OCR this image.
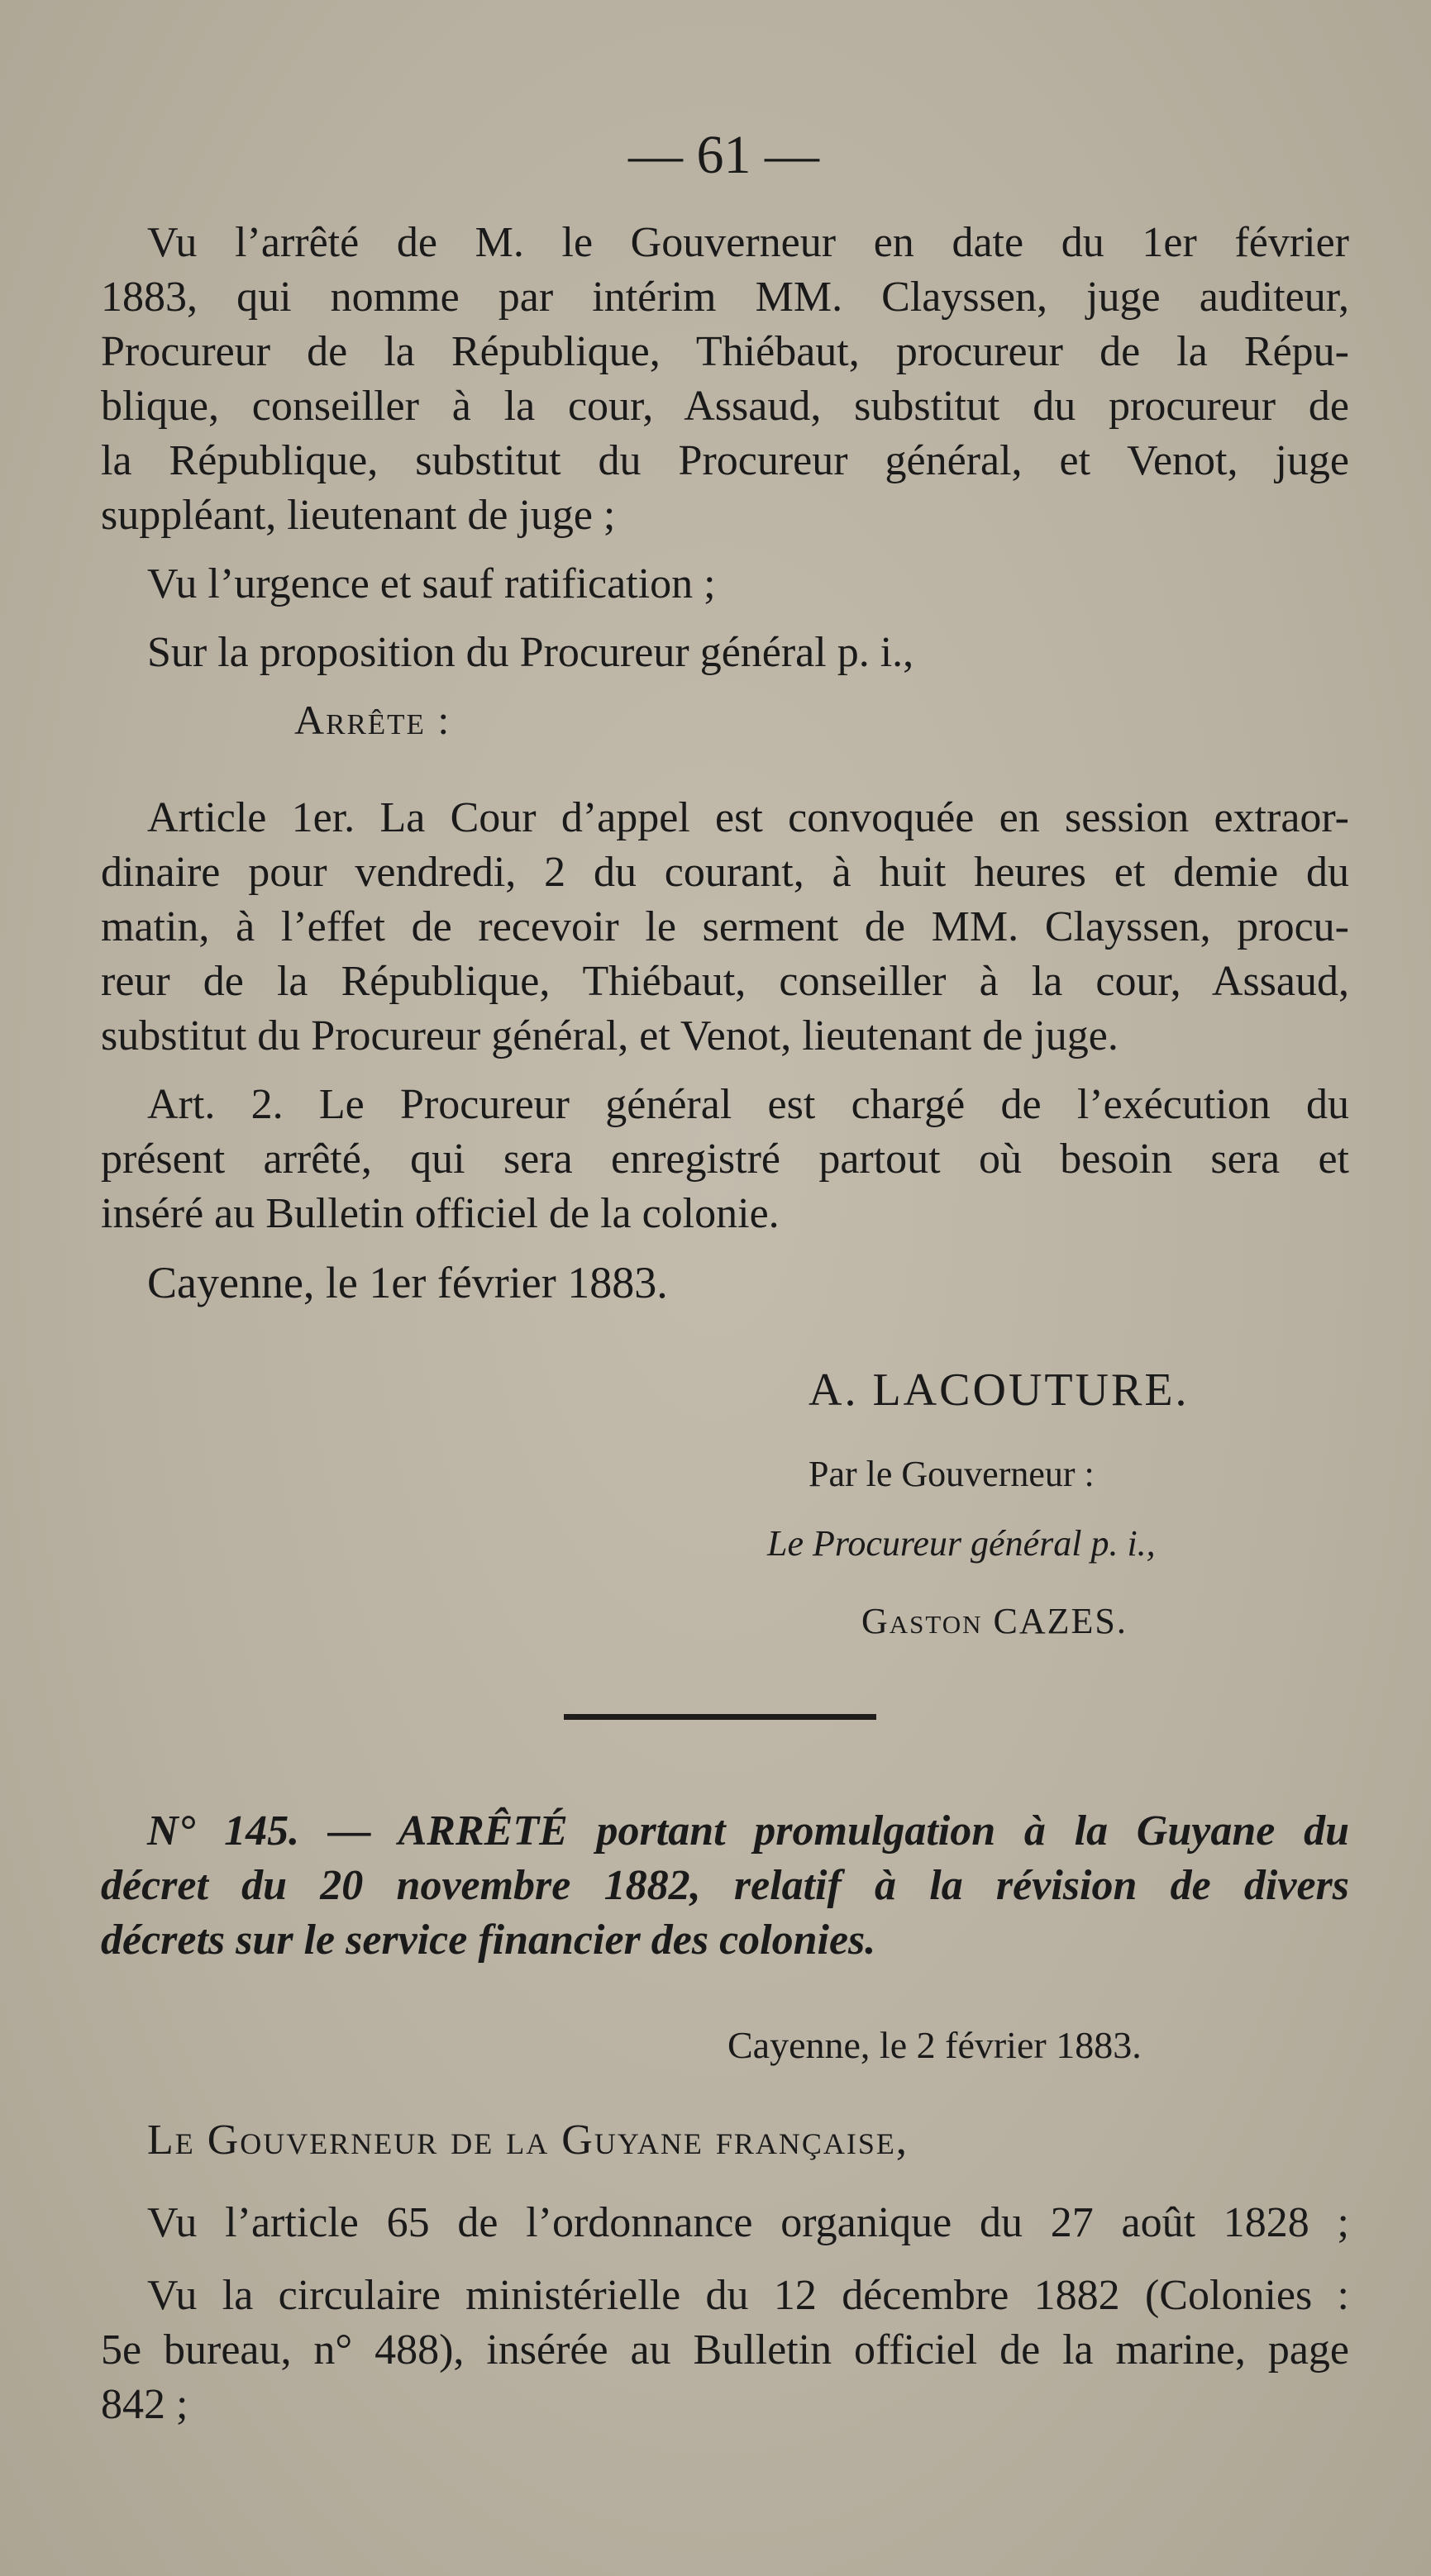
— 61 —
Vu l’arrêté de M. le Gouverneur en date du 1er février
1883, qui nomme par intérim MM. Clayssen, juge auditeur,
Procureur de la République, Thiébaut, procureur de la Répu-
blique, conseiller à la cour, Assaud, substitut du procureur de
la République, substitut du Procureur général, et Venot, juge
suppléant, lieutenant de juge ;
Vu l’urgence et sauf ratification ;
Sur la proposition du Procureur général p. i.,
Arrête :
Article 1er. La Cour d’appel est convoquée en session extraor-
dinaire pour vendredi, 2 du courant, à huit heures et demie du
matin, à l’effet de recevoir le serment de MM. Clayssen, procu-
reur de la République, Thiébaut, conseiller à la cour, Assaud,
substitut du Procureur général, et Venot, lieutenant de juge.
Art. 2. Le Procureur général est chargé de l’exécution du
présent arrêté, qui sera enregistré partout où besoin sera et
inséré au Bulletin officiel de la colonie.
Cayenne, le 1er février 1883.
A. LACOUTURE.
Par le Gouverneur :
Le Procureur général p. i.,
Gaston CAZES.
N° 145. — ARRÊTÉ portant promulgation à la Guyane du
décret du 20 novembre 1882, relatif à la révision de divers
décrets sur le service financier des colonies.
Cayenne, le 2 février 1883.
Le Gouverneur de la Guyane française,
Vu l’article 65 de l’ordonnance organique du 27 août 1828 ;
Vu la circulaire ministérielle du 12 décembre 1882 (Colonies :
5e bureau, n° 488), insérée au Bulletin officiel de la marine, page
842 ;
